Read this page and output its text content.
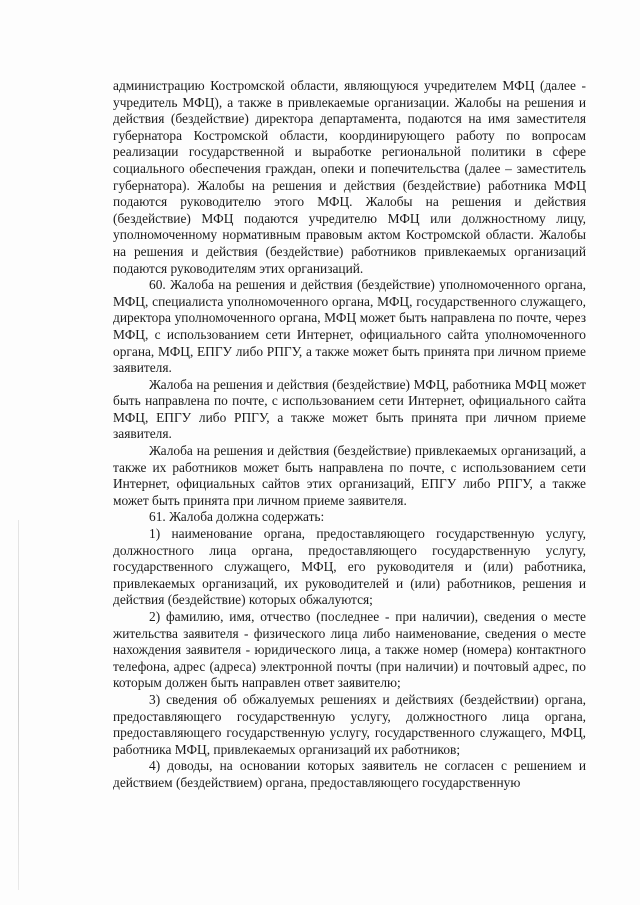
администрацию Костромской области, являющуюся учредителем МФЦ (далее - учредитель МФЦ), а также в привлекаемые организации. Жалобы на решения и действия (бездействие) директора департамента, подаются на имя заместителя губернатора Костромской области, координирующего работу по вопросам реализации государственной и выработке региональной политики в сфере социального обеспечения граждан, опеки и попечительства (далее – заместитель губернатора). Жалобы на решения и действия (бездействие) работника МФЦ подаются руководителю этого МФЦ. Жалобы на решения и действия (бездействие) МФЦ подаются учредителю МФЦ или должностному лицу, уполномоченному нормативным правовым актом Костромской области. Жалобы на решения и действия (бездействие) работников привлекаемых организаций подаются руководителям этих организаций.

60. Жалоба на решения и действия (бездействие) уполномоченного органа, МФЦ, специалиста уполномоченного органа, МФЦ, государственного служащего, директора уполномоченного органа, МФЦ может быть направлена по почте, через МФЦ, с использованием сети Интернет, официального сайта уполномоченного органа, МФЦ, ЕПГУ либо РПГУ, а также может быть принята при личном приеме заявителя.

Жалоба на решения и действия (бездействие) МФЦ, работника МФЦ может быть направлена по почте, с использованием сети Интернет, официального сайта МФЦ, ЕПГУ либо РПГУ, а также может быть принята при личном приеме заявителя.

Жалоба на решения и действия (бездействие) привлекаемых организаций, а также их работников может быть направлена по почте, с использованием сети Интернет, официальных сайтов этих организаций, ЕПГУ либо РПГУ, а также может быть принята при личном приеме заявителя.

61. Жалоба должна содержать:

1) наименование органа, предоставляющего государственную услугу, должностного лица органа, предоставляющего государственную услугу, государственного служащего, МФЦ, его руководителя и (или) работника, привлекаемых организаций, их руководителей и (или) работников, решения и действия (бездействие) которых обжалуются;

2) фамилию, имя, отчество (последнее - при наличии), сведения о месте жительства заявителя - физического лица либо наименование, сведения о месте нахождения заявителя - юридического лица, а также номер (номера) контактного телефона, адрес (адреса) электронной почты (при наличии) и почтовый адрес, по которым должен быть направлен ответ заявителю;

3) сведения об обжалуемых решениях и действиях (бездействии) органа, предоставляющего государственную услугу, должностного лица органа, предоставляющего государственную услугу, государственного служащего, МФЦ, работника МФЦ, привлекаемых организаций их работников;

4) доводы, на основании которых заявитель не согласен с решением и действием (бездействием) органа, предоставляющего государственную
